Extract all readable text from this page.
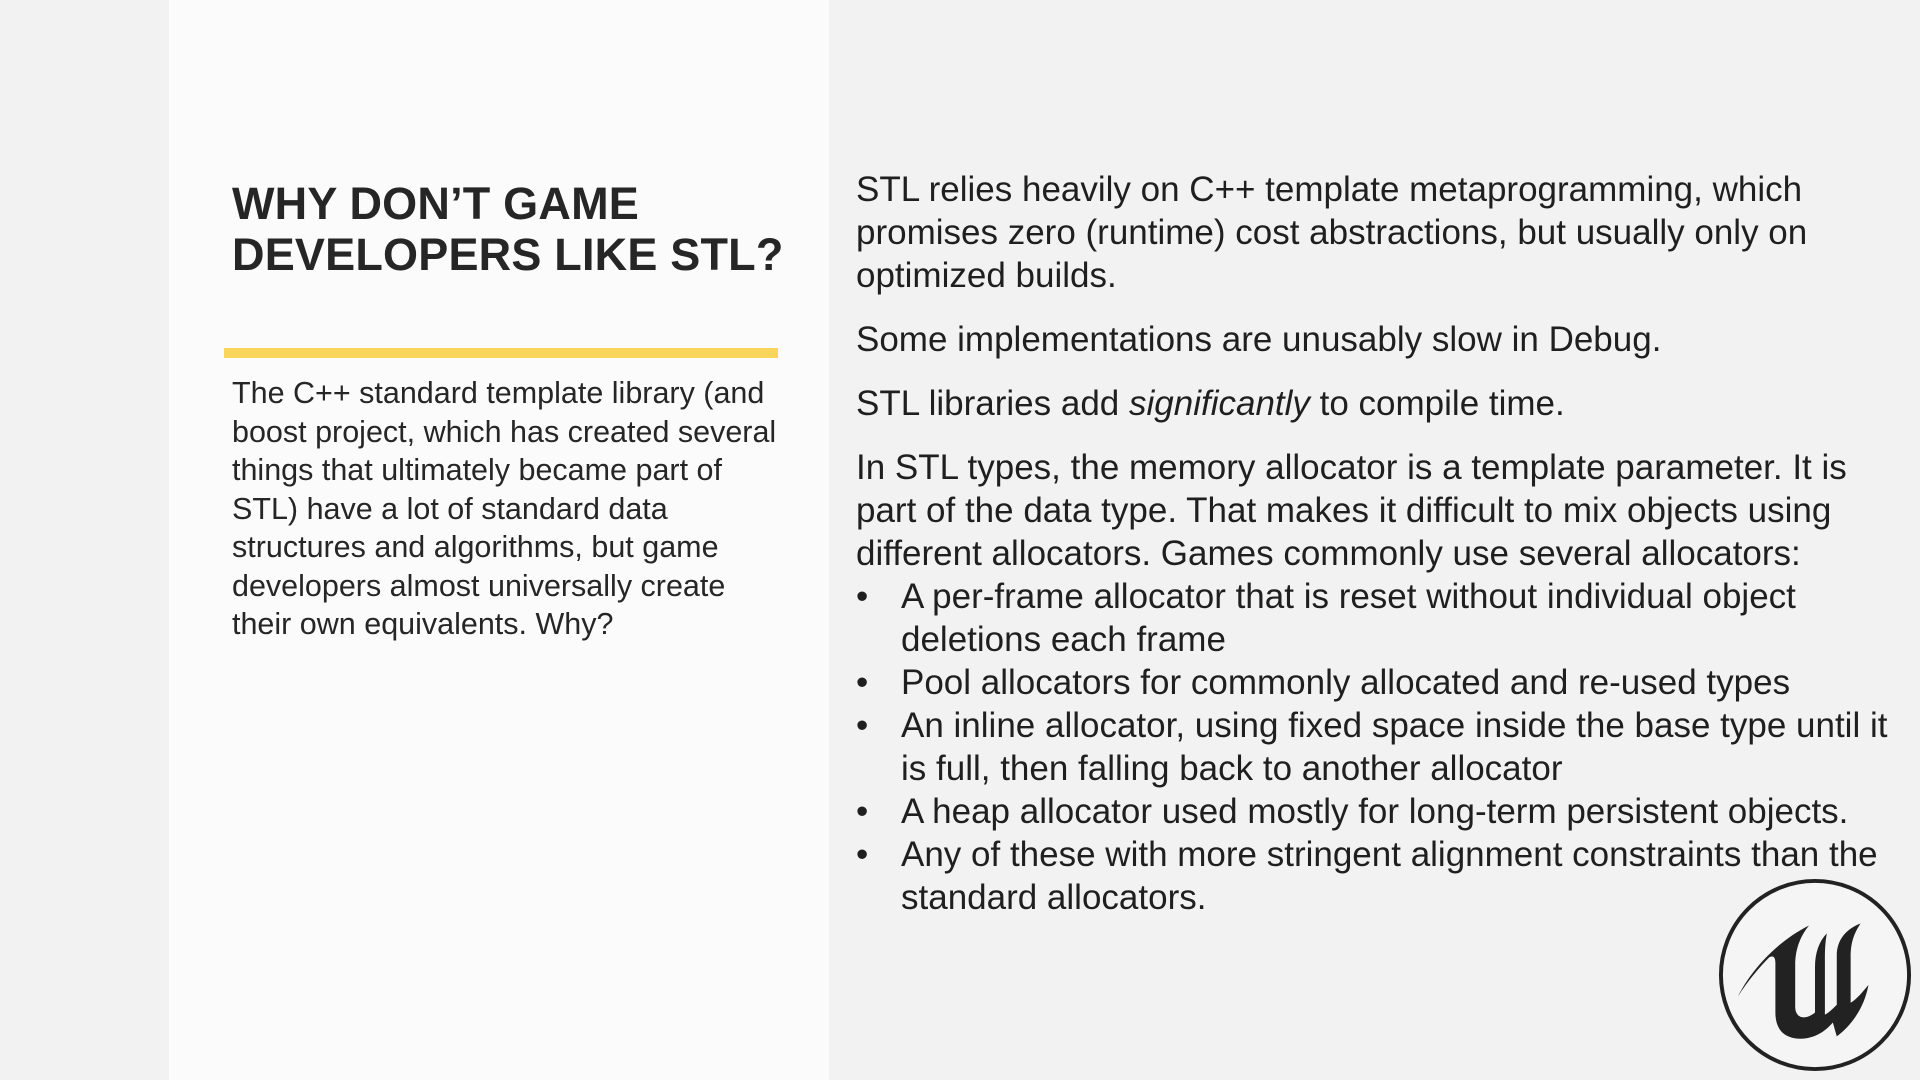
WHY DON’T GAME DEVELOPERS LIKE STL?

The C++ standard template library (and boost project, which has created several things that ultimately became part of STL) have a lot of standard data structures and algorithms, but game developers almost universally create their own equivalents. Why?

STL relies heavily on C++ template metaprogramming, which promises zero (runtime) cost abstractions, but usually only on optimized builds.

Some implementations are unusably slow in Debug.

STL libraries add significantly to compile time.

In STL types, the memory allocator is a template parameter. It is part of the data type. That makes it difficult to mix objects using different allocators. Games commonly use several allocators:

• A per-frame allocator that is reset without individual object deletions each frame
• Pool allocators for commonly allocated and re-used types
• An inline allocator, using fixed space inside the base type until it is full, then falling back to another allocator
• A heap allocator used mostly for long-term persistent objects.
• Any of these with more stringent alignment constraints than the standard allocators.
